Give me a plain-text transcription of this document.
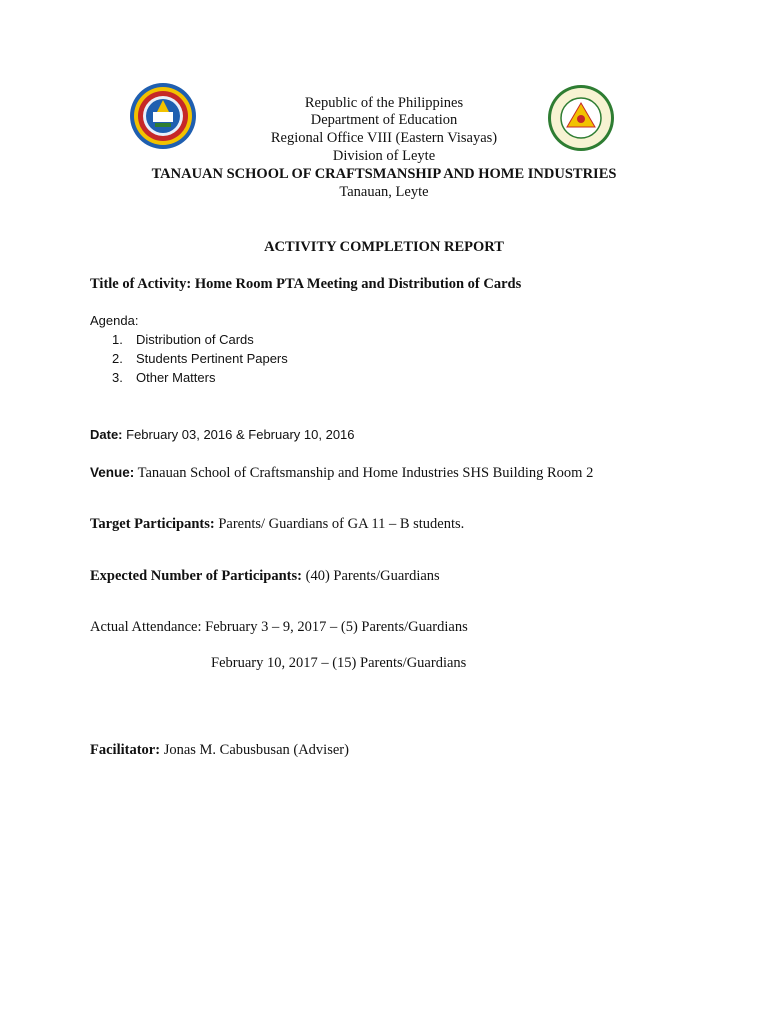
Republic of the Philippines
Department of Education
Regional Office VIII (Eastern Visayas)
Division of Leyte
TANAUAN SCHOOL OF CRAFTSMANSHIP AND HOME INDUSTRIES
Tanauan, Leyte
ACTIVITY COMPLETION REPORT
Title of Activity: Home Room PTA Meeting and Distribution of Cards
Agenda:
1. Distribution of Cards
2. Students Pertinent Papers
3. Other Matters
Date: February 03, 2016 & February 10, 2016
Venue: Tanauan School of Craftsmanship and Home Industries SHS Building Room 2
Target Participants: Parents/ Guardians of GA 11 – B students.
Expected Number of Participants: (40) Parents/Guardians
Actual Attendance: February 3 – 9, 2017 – (5) Parents/Guardians
February 10, 2017 – (15) Parents/Guardians
Facilitator: Jonas M. Cabusbusan (Adviser)
